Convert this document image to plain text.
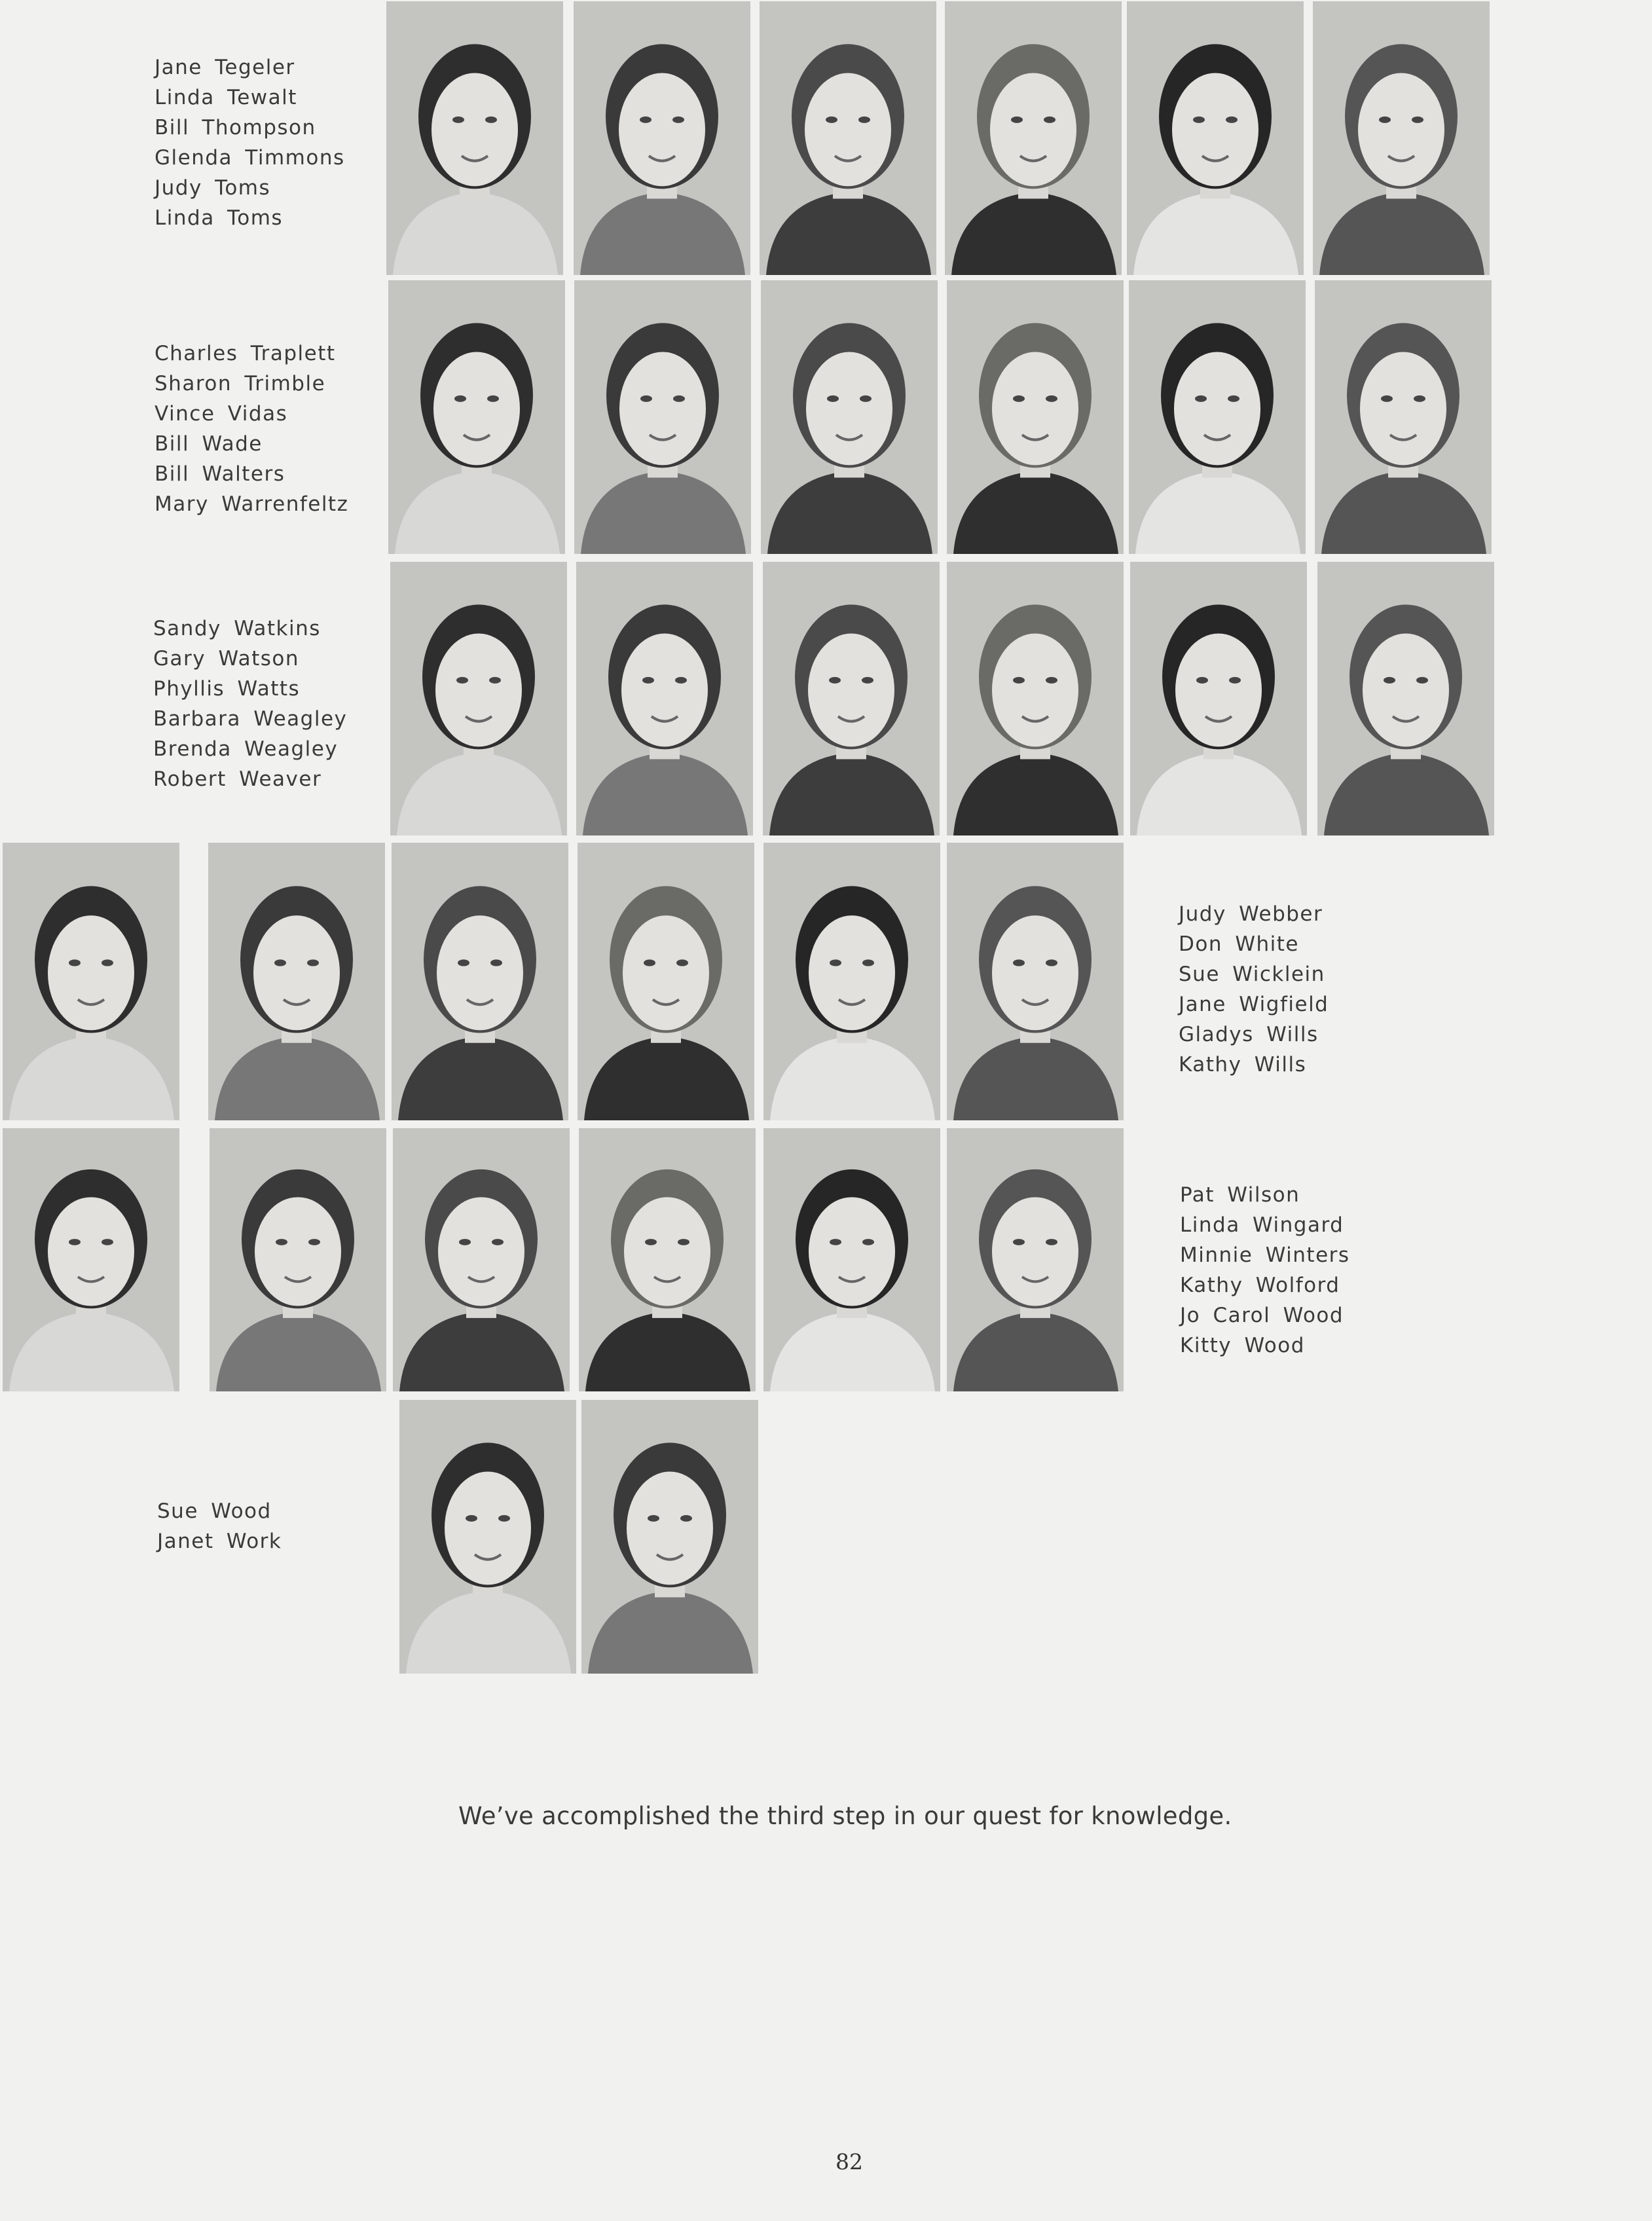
Jane Tegeler
Linda Tewalt
Bill Thompson
Glenda Timmons
Judy Toms
Linda Toms
Charles Traplett
Sharon Trimble
Vince Vidas
Bill Wade
Bill Walters
Mary Warrenfeltz
Sandy Watkins
Gary Watson
Phyllis Watts
Barbara Weagley
Brenda Weagley
Robert Weaver
Judy Webber
Don White
Sue Wicklein
Jane Wigfield
Gladys Wills
Kathy Wills
Pat Wilson
Linda Wingard
Minnie Winters
Kathy Wolford
Jo Carol Wood
Kitty Wood
Sue Wood
Janet Work
We’ve accomplished the third step in our quest for knowledge.
82
